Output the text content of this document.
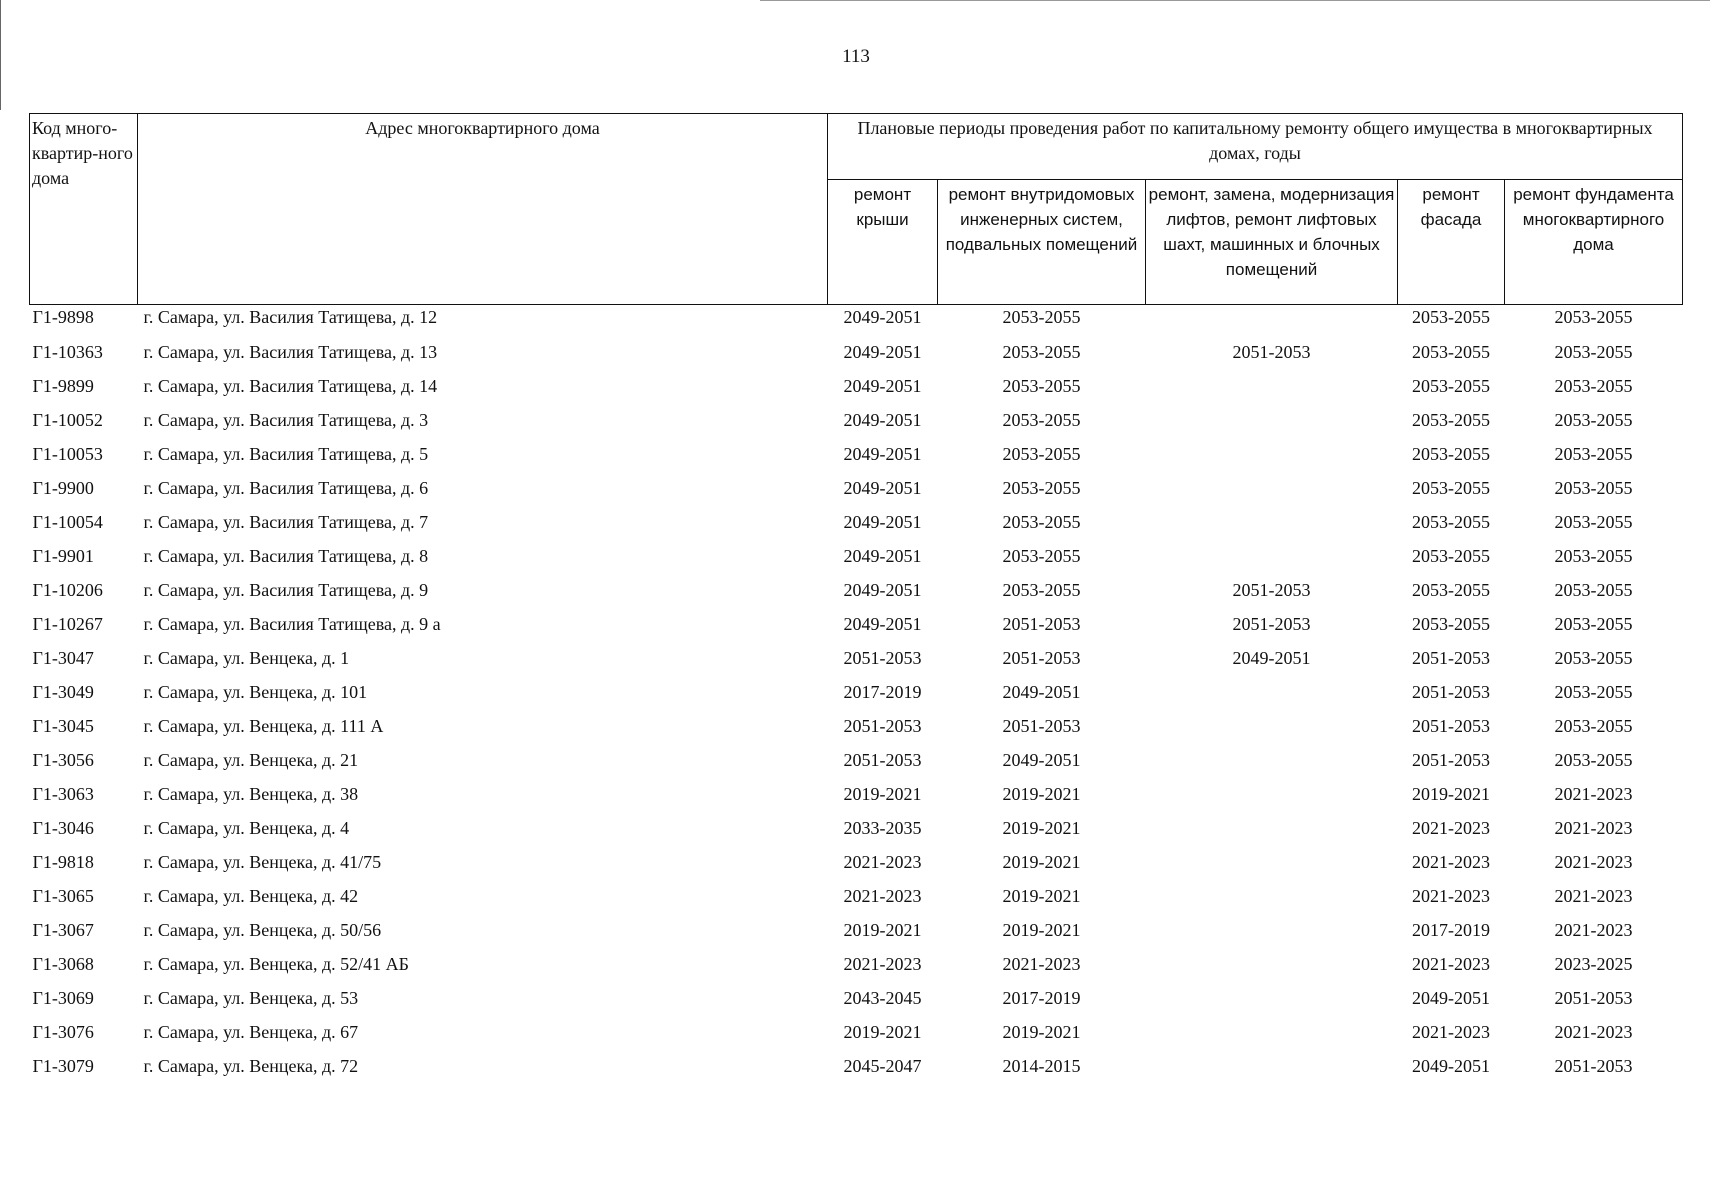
113
Код много-квартир-ного дома	Адрес многоквартирного дома	Плановые периоды проведения работ по капитальному ремонту общего имущества в многоквартирных домах, годы				
		ремонт крыши	ремонт внутридомовых инженерных систем, подвальных помещений	ремонт, замена, модернизация лифтов, ремонт лифтовых шахт, машинных и блочных помещений	ремонт фасада	ремонт фундамента многоквартирного дома
Г1-9898	г. Самара, ул. Василия Татищева, д. 12	2049-2051	2053-2055		2053-2055	2053-2055
Г1-10363	г. Самара, ул. Василия Татищева, д. 13	2049-2051	2053-2055	2051-2053	2053-2055	2053-2055
Г1-9899	г. Самара, ул. Василия Татищева, д. 14	2049-2051	2053-2055		2053-2055	2053-2055
Г1-10052	г. Самара, ул. Василия Татищева, д. 3	2049-2051	2053-2055		2053-2055	2053-2055
Г1-10053	г. Самара, ул. Василия Татищева, д. 5	2049-2051	2053-2055		2053-2055	2053-2055
Г1-9900	г. Самара, ул. Василия Татищева, д. 6	2049-2051	2053-2055		2053-2055	2053-2055
Г1-10054	г. Самара, ул. Василия Татищева, д. 7	2049-2051	2053-2055		2053-2055	2053-2055
Г1-9901	г. Самара, ул. Василия Татищева, д. 8	2049-2051	2053-2055		2053-2055	2053-2055
Г1-10206	г. Самара, ул. Василия Татищева, д. 9	2049-2051	2053-2055	2051-2053	2053-2055	2053-2055
Г1-10267	г. Самара, ул. Василия Татищева, д. 9 а	2049-2051	2051-2053	2051-2053	2053-2055	2053-2055
Г1-3047	г. Самара, ул. Венцека, д. 1	2051-2053	2051-2053	2049-2051	2051-2053	2053-2055
Г1-3049	г. Самара, ул. Венцека, д. 101	2017-2019	2049-2051		2051-2053	2053-2055
Г1-3045	г. Самара, ул. Венцека, д. 111 А	2051-2053	2051-2053		2051-2053	2053-2055
Г1-3056	г. Самара, ул. Венцека, д. 21	2051-2053	2049-2051		2051-2053	2053-2055
Г1-3063	г. Самара, ул. Венцека, д. 38	2019-2021	2019-2021		2019-2021	2021-2023
Г1-3046	г. Самара, ул. Венцека, д. 4	2033-2035	2019-2021		2021-2023	2021-2023
Г1-9818	г. Самара, ул. Венцека, д. 41/75	2021-2023	2019-2021		2021-2023	2021-2023
Г1-3065	г. Самара, ул. Венцека, д. 42	2021-2023	2019-2021		2021-2023	2021-2023
Г1-3067	г. Самара, ул. Венцека, д. 50/56	2019-2021	2019-2021		2017-2019	2021-2023
Г1-3068	г. Самара, ул. Венцека, д. 52/41 АБ	2021-2023	2021-2023		2021-2023	2023-2025
Г1-3069	г. Самара, ул. Венцека, д. 53	2043-2045	2017-2019		2049-2051	2051-2053
Г1-3076	г. Самара, ул. Венцека, д. 67	2019-2021	2019-2021		2021-2023	2021-2023
Г1-3079	г. Самара, ул. Венцека, д. 72	2045-2047	2014-2015		2049-2051	2051-2053
